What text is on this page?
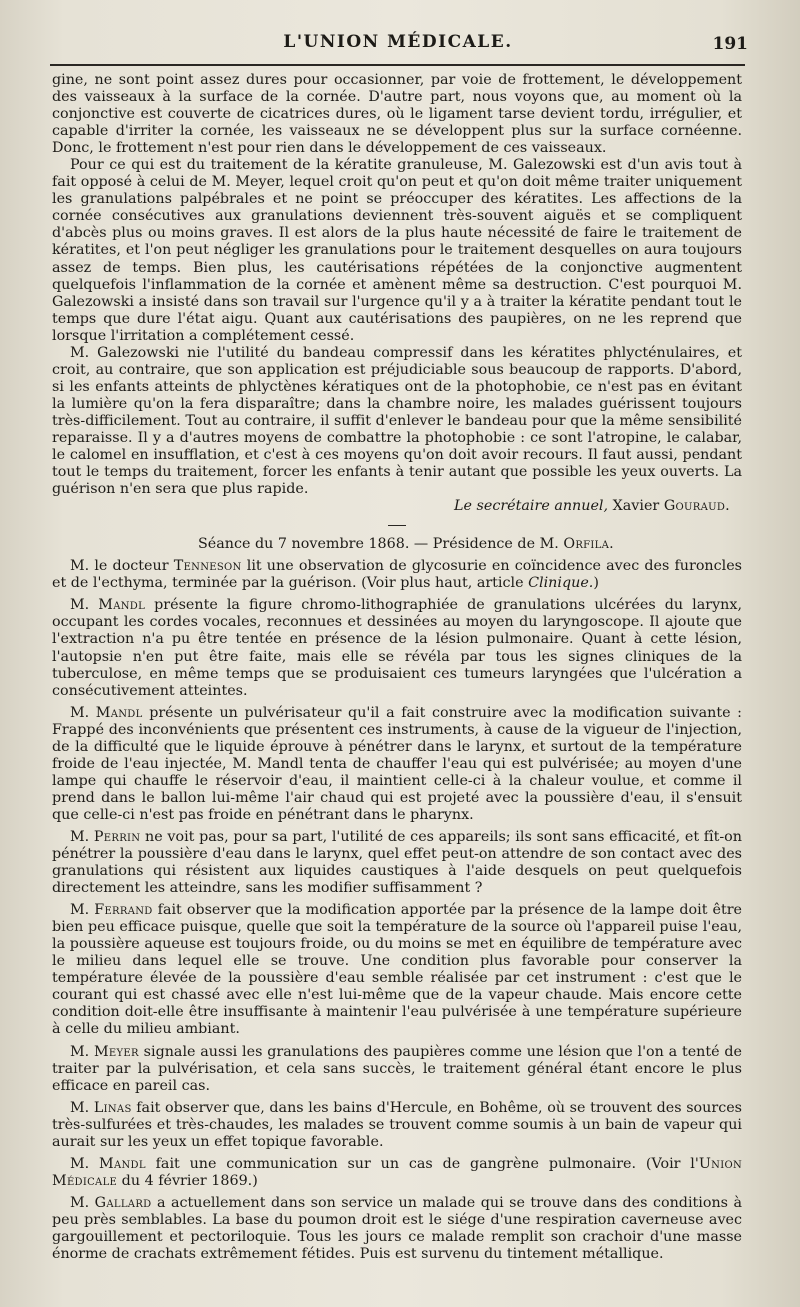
L'UNION MÉDICALE.	191

gine, ne sont point assez dures pour occasionner, par voie de frottement, le développement des vaisseaux à la surface de la cornée. D'autre part, nous voyons que, au moment où la conjonctive est couverte de cicatrices dures, où le ligament tarse devient tordu, irrégulier, et capable d'irriter la cornée, les vaisseaux ne se développent plus sur la surface cornéenne. Donc, le frottement n'est pour rien dans le développement de ces vaisseaux.

Pour ce qui est du traitement de la kératite granuleuse, M. Galezowski est d'un avis tout à fait opposé à celui de M. Meyer, lequel croit qu'on peut et qu'on doit même traiter uniquement les granulations palpébrales et ne point se préoccuper des kératites. Les affections de la cornée consécutives aux granulations deviennent très-souvent aiguës et se compliquent d'abcès plus ou moins graves. Il est alors de la plus haute nécessité de faire le traitement de kératites, et l'on peut négliger les granulations pour le traitement desquelles on aura toujours assez de temps. Bien plus, les cautérisations répétées de la conjonctive augmentent quelquefois l'inflammation de la cornée et amènent même sa destruction. C'est pourquoi M. Galezowski a insisté dans son travail sur l'urgence qu'il y a à traiter la kératite pendant tout le temps que dure l'état aigu. Quant aux cautérisations des paupières, on ne les reprend que lorsque l'irritation a complétement cessé.

M. Galezowski nie l'utilité du bandeau compressif dans les kératites phlycténulaires, et croit, au contraire, que son application est préjudiciable sous beaucoup de rapports. D'abord, si les enfants atteints de phlyctènes kératiques ont de la photophobie, ce n'est pas en évitant la lumière qu'on la fera disparaître; dans la chambre noire, les malades guérissent toujours très-difficilement. Tout au contraire, il suffit d'enlever le bandeau pour que la même sensibilité reparaisse. Il y a d'autres moyens de combattre la photophobie : ce sont l'atropine, le calabar, le calomel en insufflation, et c'est à ces moyens qu'on doit avoir recours. Il faut aussi, pendant tout le temps du traitement, forcer les enfants à tenir autant que possible les yeux ouverts. La guérison n'en sera que plus rapide.

Le secrétaire annuel, Xavier Gouraud.

Séance du 7 novembre 1868. — Présidence de M. Orfila.

M. le docteur Tenneson lit une observation de glycosurie en coïncidence avec des furoncles et de l'ecthyma, terminée par la guérison. (Voir plus haut, article Clinique.)

M. Mandl présente la figure chromo-lithographiée de granulations ulcérées du larynx, occupant les cordes vocales, reconnues et dessinées au moyen du laryngoscope. Il ajoute que l'extraction n'a pu être tentée en présence de la lésion pulmonaire. Quant à cette lésion, l'autopsie n'en put être faite, mais elle se révéla par tous les signes cliniques de la tuberculose, en même temps que se produisaient ces tumeurs laryngées que l'ulcération a consécutivement atteintes.

M. Mandl présente un pulvérisateur qu'il a fait construire avec la modification suivante : Frappé des inconvénients que présentent ces instruments, à cause de la vigueur de l'injection, de la difficulté que le liquide éprouve à pénétrer dans le larynx, et surtout de la température froide de l'eau injectée, M. Mandl tenta de chauffer l'eau qui est pulvérisée; au moyen d'une lampe qui chauffe le réservoir d'eau, il maintient celle-ci à la chaleur voulue, et comme il prend dans le ballon lui-même l'air chaud qui est projeté avec la poussière d'eau, il s'ensuit que celle-ci n'est pas froide en pénétrant dans le pharynx.

M. Perrin ne voit pas, pour sa part, l'utilité de ces appareils; ils sont sans efficacité, et fît-on pénétrer la poussière d'eau dans le larynx, quel effet peut-on attendre de son contact avec des granulations qui résistent aux liquides caustiques à l'aide desquels on peut quelquefois directement les atteindre, sans les modifier suffisamment ?

M. Ferrand fait observer que la modification apportée par la présence de la lampe doit être bien peu efficace puisque, quelle que soit la température de la source où l'appareil puise l'eau, la poussière aqueuse est toujours froide, ou du moins se met en équilibre de température avec le milieu dans lequel elle se trouve. Une condition plus favorable pour conserver la température élevée de la poussière d'eau semble réalisée par cet instrument : c'est que le courant qui est chassé avec elle n'est lui-même que de la vapeur chaude. Mais encore cette condition doit-elle être insuffisante à maintenir l'eau pulvérisée à une température supérieure à celle du milieu ambiant.

M. Meyer signale aussi les granulations des paupières comme une lésion que l'on a tenté de traiter par la pulvérisation, et cela sans succès, le traitement général étant encore le plus efficace en pareil cas.

M. Linas fait observer que, dans les bains d'Hercule, en Bohême, où se trouvent des sources très-sulfurées et très-chaudes, les malades se trouvent comme soumis à un bain de vapeur qui aurait sur les yeux un effet topique favorable.

M. Mandl fait une communication sur un cas de gangrène pulmonaire. (Voir l'Union Médicale du 4 février 1869.)

M. Gallard a actuellement dans son service un malade qui se trouve dans des conditions à peu près semblables. La base du poumon droit est le siége d'une respiration caverneuse avec gargouillement et pectoriloquie. Tous les jours ce malade remplit son crachoir d'une masse énorme de crachats extrêmement fétides. Puis est survenu du tintement métallique.
